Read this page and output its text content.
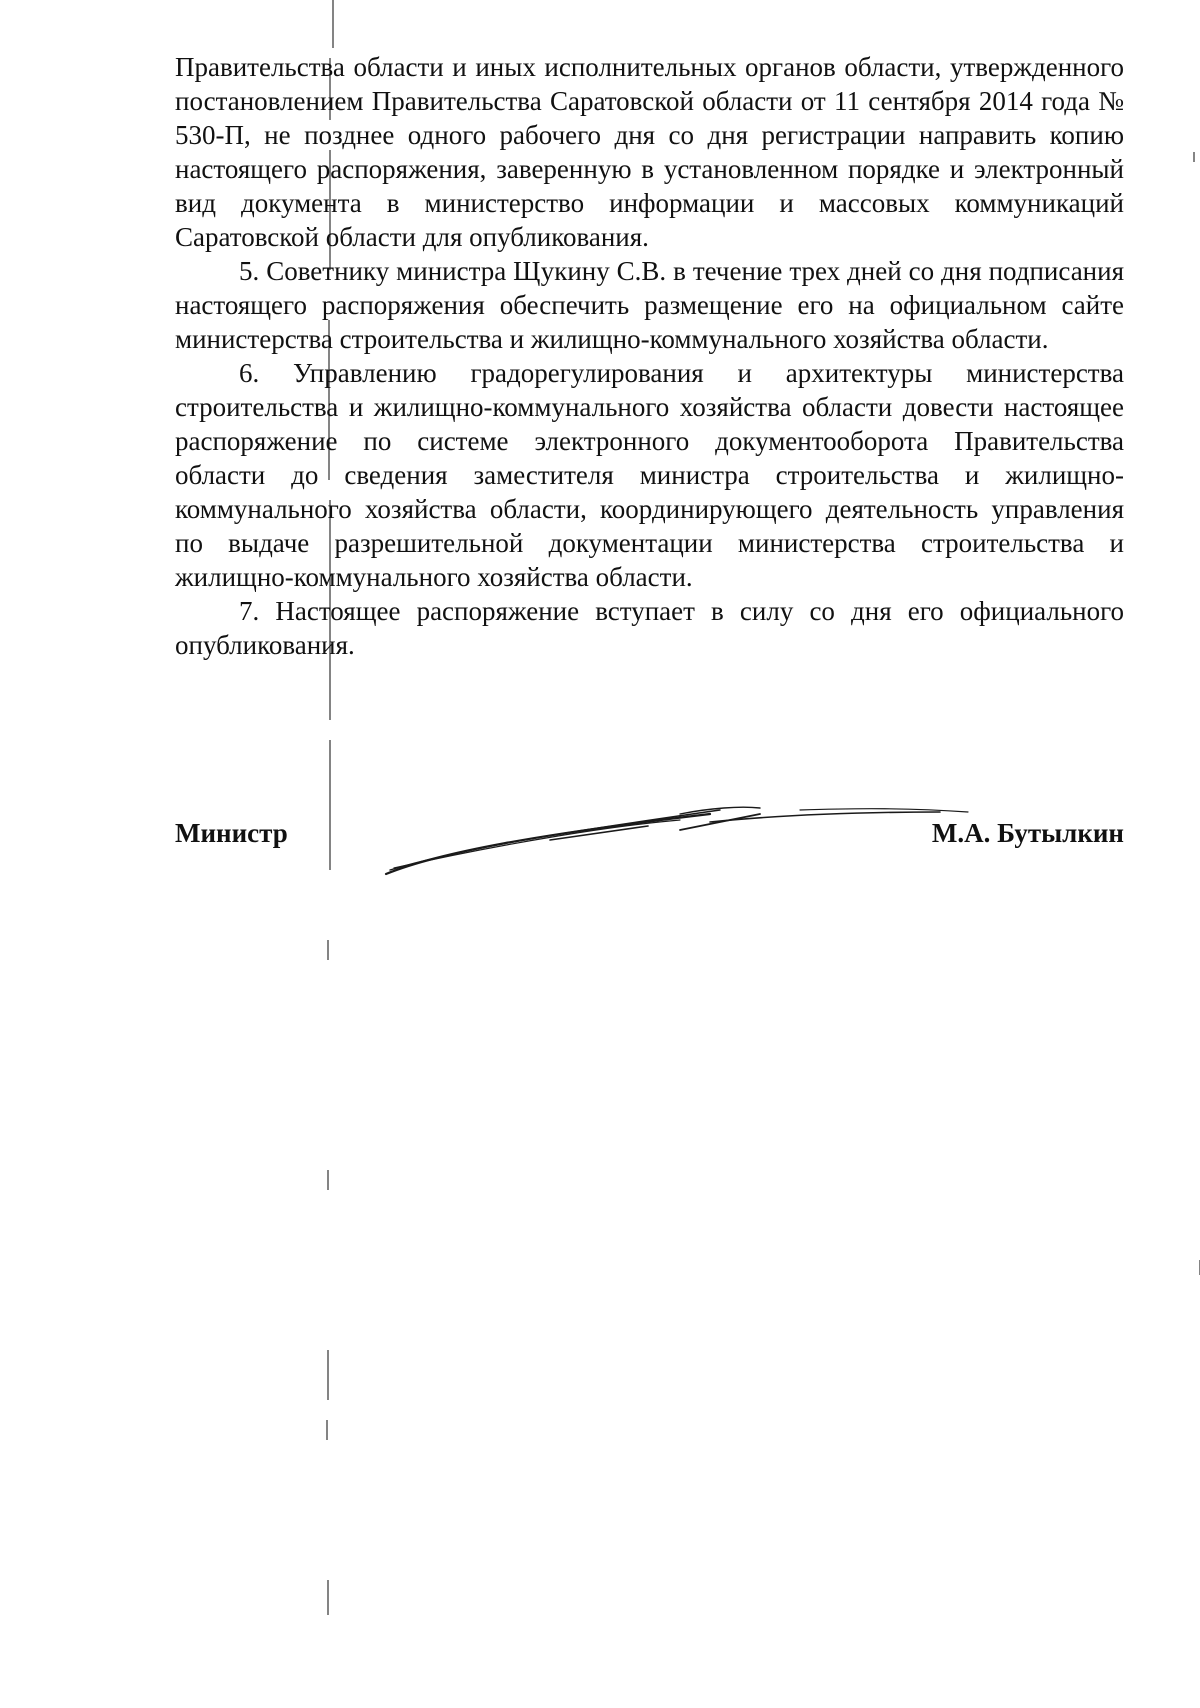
Правительства области и иных исполнительных органов области, утвержденного постановлением Правительства Саратовской области от 11 сентября 2014 года № 530-П, не позднее одного рабочего дня со дня регистрации направить копию настоящего распоряжения, заверенную в установленном порядке и электронный вид документа в министерство информации и массовых коммуникаций Саратовской области для опубликования.

5. Советнику министра Щукину С.В. в течение трех дней со дня подписания настоящего распоряжения обеспечить размещение его на официальном сайте министерства строительства и жилищно-коммунального хозяйства области.

6. Управлению градорегулирования и архитектуры министерства строительства и жилищно-коммунального хозяйства области довести настоящее распоряжение по системе электронного документооборота Правительства области до сведения заместителя министра строительства и жилищно-коммунального хозяйства области, координирующего деятельность управления по выдаче разрешительной документации министерства строительства и жилищно-коммунального хозяйства области.

7. Настоящее распоряжение вступает в силу со дня его официального опубликования.

Министр	М.А. Бутылкин
